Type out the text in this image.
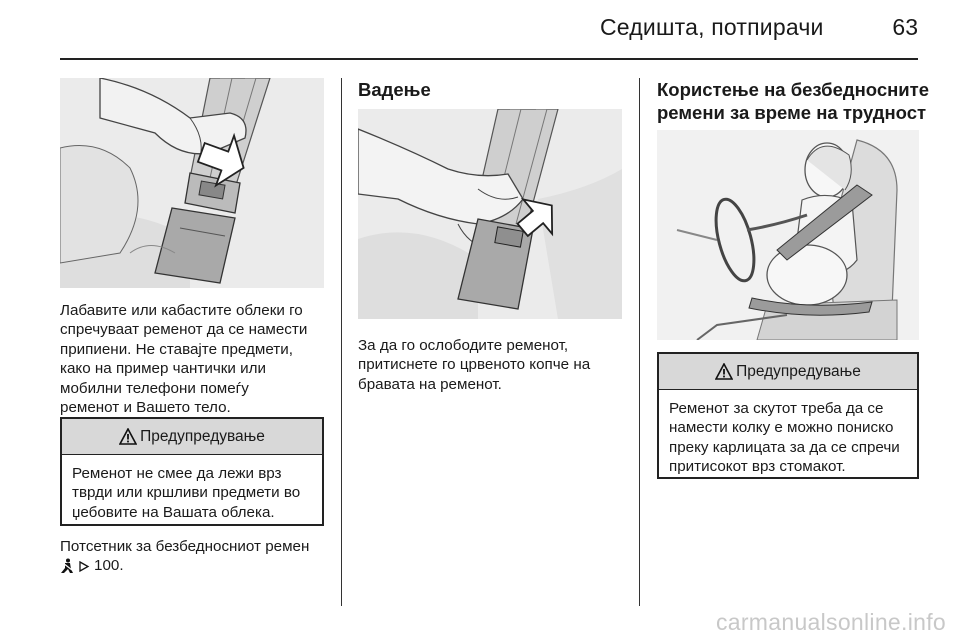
Седишта, потпирачи	63
Лабавите или кабастите облеки го
спречуваат ременот да се намести
припиени. Не ставајте предмети,
како на пример чантички или
мобилни телефони помеѓу
ременот и Вашето тело.
Предупредување
Ременот не смее да лежи врз
тврди или кршливи предмети во
џебовите на Вашата облека.
Потсетник за безбедносниот ремен
100.
Вадење
За да го ослободите ременот,
притиснете го црвеното копче на
бравата на ременот.
Користење на безбедносните
ремени за време на трудност
Предупредување
Ременот за скутот треба да се
намести колку е можно пониско
преку карлицата за да се спречи
притисокот врз стомакот.
carmanualsonline.info
